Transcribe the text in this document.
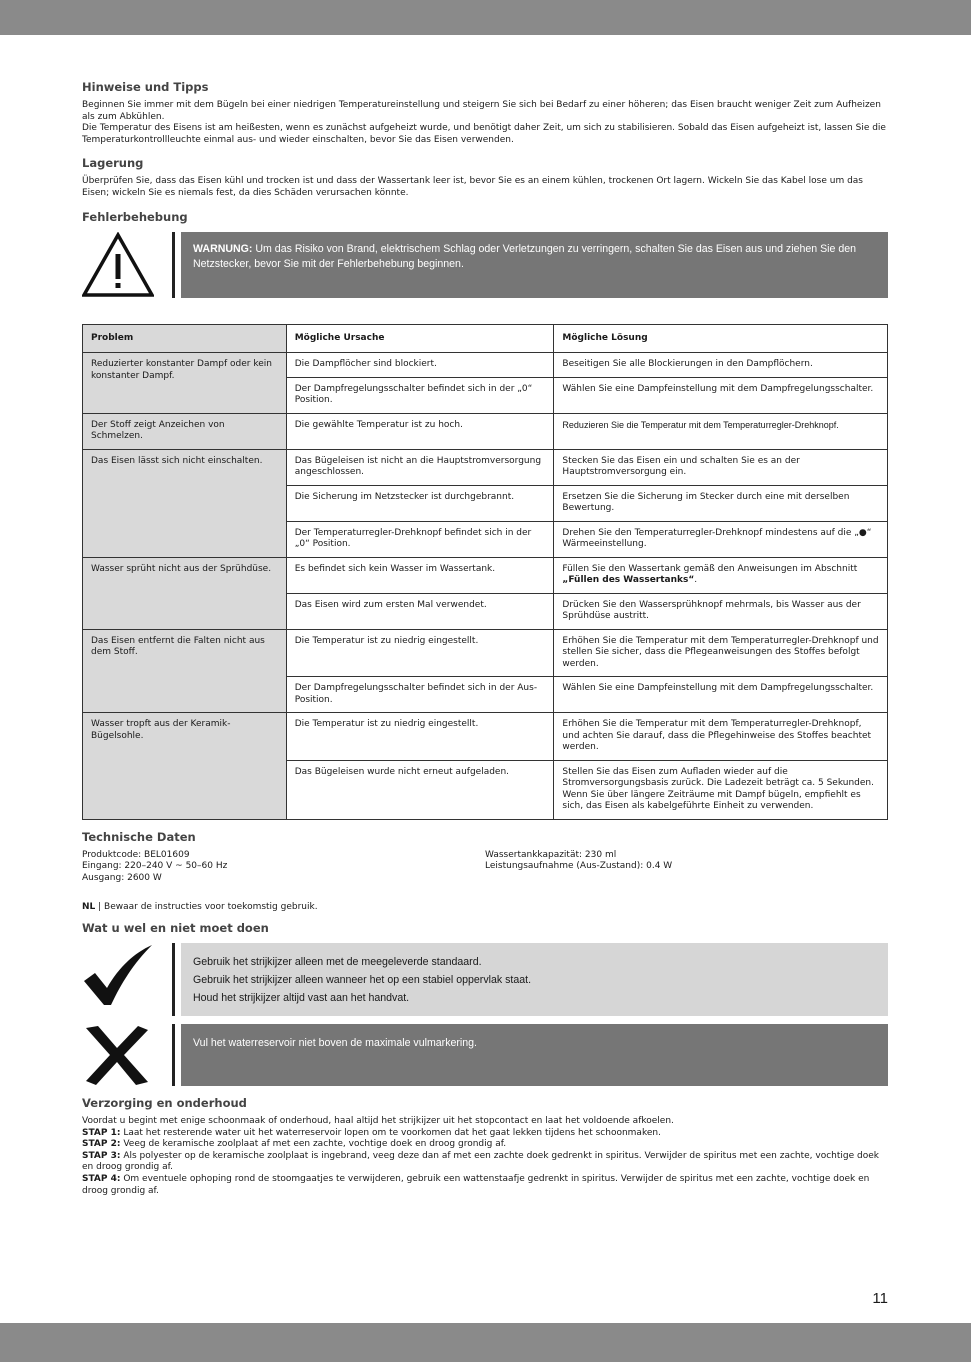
Hinweise und Tipps

Beginnen Sie immer mit dem Bügeln bei einer niedrigen Temperatureinstellung und steigern Sie sich bei Bedarf zu einer höheren; das Eisen braucht weniger Zeit zum Aufheizen als zum Abkühlen.

Die Temperatur des Eisens ist am heißesten, wenn es zunächst aufgeheizt wurde, und benötigt daher Zeit, um sich zu stabilisieren. Sobald das Eisen aufgeheizt ist, lassen Sie die Temperaturkontrollleuchte einmal aus- und wieder einschalten, bevor Sie das Eisen verwenden.

Lagerung

Überprüfen Sie, dass das Eisen kühl und trocken ist und dass der Wassertank leer ist, bevor Sie es an einem kühlen, trockenen Ort lagern. Wickeln Sie das Kabel lose um das Eisen; wickeln Sie es niemals fest, da dies Schäden verursachen könnte.

Fehlerbehebung
WARNUNG: Um das Risiko von Brand, elektrischem Schlag oder Verletzungen zu verringern, schalten Sie das Eisen aus und ziehen Sie den Netzstecker, bevor Sie mit der Fehlerbehebung beginnen.
Problem	Mögliche Ursache	Mögliche Lösung
Reduzierter konstanter Dampf oder kein konstanter Dampf.	Die Dampflöcher sind blockiert.	Beseitigen Sie alle Blockierungen in den Dampflöchern.
	Der Dampfregelungsschalter befindet sich in der „0“ Position.	Wählen Sie eine Dampfeinstellung mit dem Dampfregelungsschalter.
Der Stoff zeigt Anzeichen von Schmelzen.	Die gewählte Temperatur ist zu hoch.	Reduzieren Sie die Temperatur mit dem Temperaturregler-Drehknopf.
Das Eisen lässt sich nicht einschalten.	Das Bügeleisen ist nicht an die Hauptstromversorgung angeschlossen.	Stecken Sie das Eisen ein und schalten Sie es an der Hauptstromversorgung ein.
	Die Sicherung im Netzstecker ist durchgebrannt.	Ersetzen Sie die Sicherung im Stecker durch eine mit derselben Bewertung.
	Der Temperaturregler-Drehknopf befindet sich in der „0“ Position.	Drehen Sie den Temperaturregler-Drehknopf mindestens auf die „●“ Wärmeeinstellung.
Wasser sprüht nicht aus der Sprühdüse.	Es befindet sich kein Wasser im Wassertank.	Füllen Sie den Wassertank gemäß den Anweisungen im Abschnitt „Füllen des Wassertanks“.
	Das Eisen wird zum ersten Mal verwendet.	Drücken Sie den Wassersprühknopf mehrmals, bis Wasser aus der Sprühdüse austritt.
Das Eisen entfernt die Falten nicht aus dem Stoff.	Die Temperatur ist zu niedrig eingestellt.	Erhöhen Sie die Temperatur mit dem Temperaturregler-Drehknopf und stellen Sie sicher, dass die Pflegeanweisungen des Stoffes befolgt werden.
	Der Dampfregelungsschalter befindet sich in der Aus-Position.	Wählen Sie eine Dampfeinstellung mit dem Dampfregelungsschalter.
Wasser tropft aus der Keramik-Bügelsohle.	Die Temperatur ist zu niedrig eingestellt.	Erhöhen Sie die Temperatur mit dem Temperaturregler-Drehknopf, und achten Sie darauf, dass die Pflegehinweise des Stoffes beachtet werden.
	Das Bügeleisen wurde nicht erneut aufgeladen.	Stellen Sie das Eisen zum Aufladen wieder auf die Stromversorgungsbasis zurück. Die Ladezeit beträgt ca. 5 Sekunden. Wenn Sie über längere Zeiträume mit Dampf bügeln, empfiehlt es sich, das Eisen als kabelgeführte Einheit zu verwenden.
Technische Daten

Produktcode: BEL01609

Eingang: 220–240 V ~ 50–60 Hz

Ausgang: 2600 W

Wassertankkapazität: 230 ml

Leistungsaufnahme (Aus-Zustand): 0.4 W

NL | Bewaar de instructies voor toekomstig gebruik.

Wat u wel en niet moet doen
Gebruik het strijkijzer alleen met de meegeleverde standaard.
Gebruik het strijkijzer alleen wanneer het op een stabiel oppervlak staat.
Houd het strijkijzer altijd vast aan het handvat.
Vul het waterreservoir niet boven de maximale vulmarkering.
Verzorging en onderhoud

Voordat u begint met enige schoonmaak of onderhoud, haal altijd het strijkijzer uit het stopcontact en laat het voldoende afkoelen.

STAP 1: Laat het resterende water uit het waterreservoir lopen om te voorkomen dat het gaat lekken tijdens het schoonmaken.

STAP 2: Veeg de keramische zoolplaat af met een zachte, vochtige doek en droog grondig af.

STAP 3: Als polyester op de keramische zoolplaat is ingebrand, veeg deze dan af met een zachte doek gedrenkt in spiritus. Verwijder de spiritus met een zachte, vochtige doek en droog grondig af.

STAP 4: Om eventuele ophoping rond de stoomgaatjes te verwijderen, gebruik een wattenstaafje gedrenkt in spiritus. Verwijder de spiritus met een zachte, vochtige doek en droog grondig af.

11
